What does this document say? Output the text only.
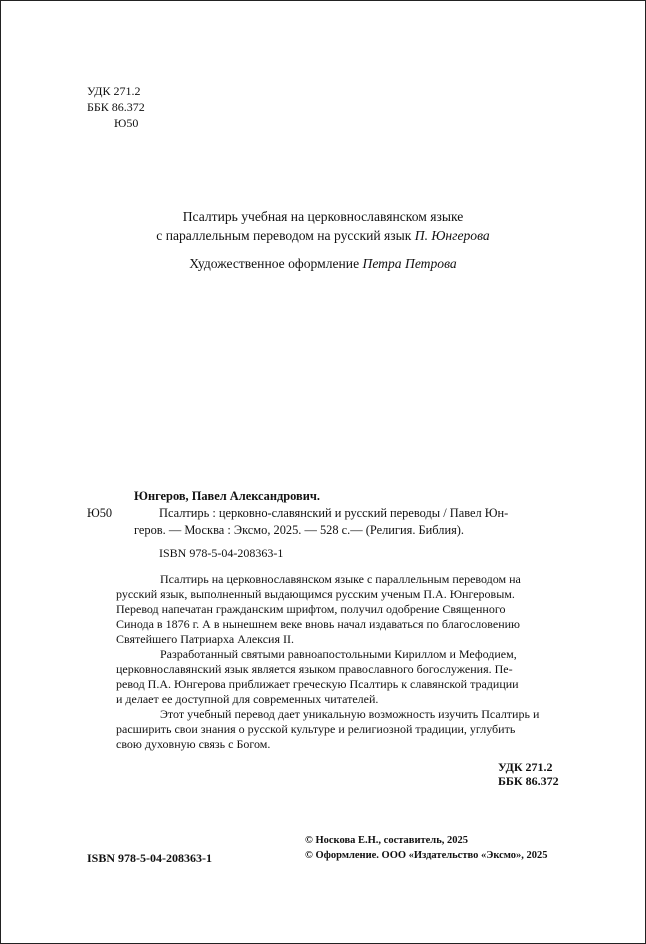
УДК 271.2
ББК 86.372
Ю50
Псалтирь учебная на церковнославянском языке
с параллельным переводом на русский язык П. Юнгерова
Художественное оформление Петра Петрова
Юнгеров, Павел Александрович.
Ю50	Псалтирь : церковно-славянский и русский переводы / Павел Юн-
геров. — Москва : Эксмо, 2025. — 528 с.— (Религия. Библия).
ISBN 978-5-04-208363-1
Псалтирь на церковнославянском языке с параллельным переводом на
русский язык, выполненный выдающимся русским ученым П.А. Юнгеровым.
Перевод напечатан гражданским шрифтом, получил одобрение Священного
Синода в 1876 г. А в нынешнем веке вновь начал издаваться по благословению
Святейшего Патриарха Алексия II.
Разработанный святыми равноапостольными Кириллом и Мефодием,
церковнославянский язык является языком православного богослужения. Пе-
ревод П.А. Юнгерова приближает греческую Псалтирь к славянской традиции
и делает ее доступной для современных читателей.
Этот учебный перевод дает уникальную возможность изучить Псалтирь и
расширить свои знания о русской культуре и религиозной традиции, углубить
свою духовную связь с Богом.
УДК 271.2
ББК 86.372
ISBN 978-5-04-208363-1
© Носкова Е.Н., составитель, 2025
© Оформление. ООО «Издательство «Эксмо», 2025
